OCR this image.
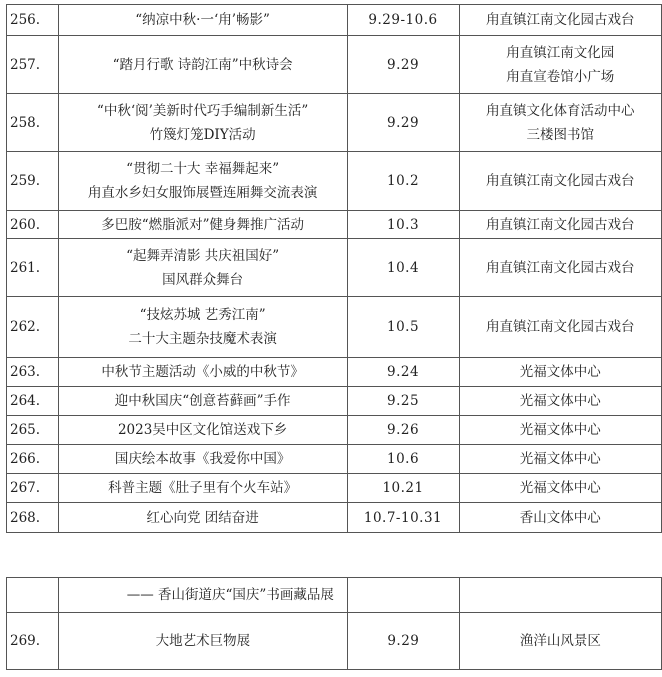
256.	“纳凉中秋·一‘甪’畅影”	9.29-10.6	甪直镇江南文化园古戏台

257.	“踏月行歌 诗韵江南”中秋诗会	9.29	甪直镇江南文化园
甪直宣卷馆小广场

258.	“中秋‘阅’美新时代巧手编制新生活”
竹篾灯笼DIY活动	9.29	甪直镇文化体育活动中心
三楼图书馆

259.	“贯彻二十大 幸福舞起来”
甪直水乡妇女服饰展暨连厢舞交流表演	10.2	甪直镇江南文化园古戏台

260.	多巴胺“燃脂派对”健身舞推广活动	10.3	甪直镇江南文化园古戏台

261.	“起舞弄清影 共庆祖国好”
国风群众舞台	10.4	甪直镇江南文化园古戏台

262.	“技炫苏城 艺秀江南”
二十大主题杂技魔术表演	10.5	甪直镇江南文化园古戏台

263.	中秋节主题活动《小威的中秋节》	9.24	光福文体中心

264.	迎中秋国庆“创意苔藓画”手作	9.25	光福文体中心

265.	2023吴中区文化馆送戏下乡	9.26	光福文体中心

266.	国庆绘本故事《我爱你中国》	10.6	光福文体中心

267.	科普主题《肚子里有个火车站》	10.21	光福文体中心

268.	红心向党 团结奋进	10.7-10.31	香山文体中心
	—— 香山街道庆“国庆”书画藏品展		
269.	大地艺术巨物展	9.29	渔洋山风景区
